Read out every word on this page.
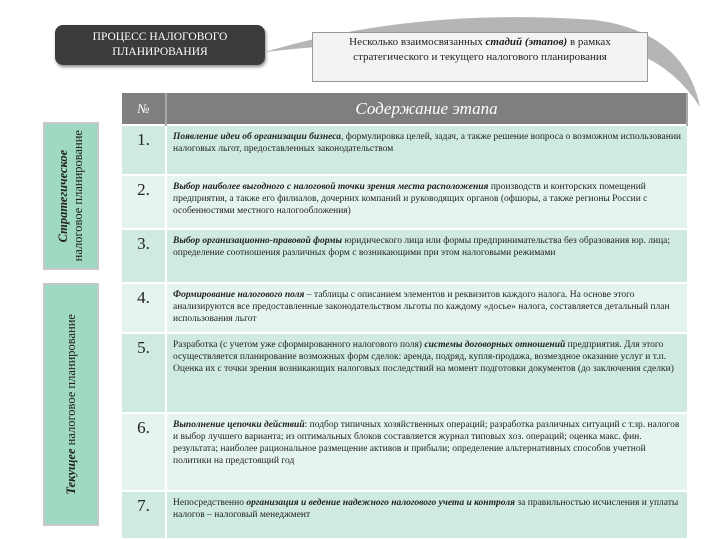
ПРОЦЕСС НАЛОГОВОГО ПЛАНИРОВАНИЯ
Несколько взаимосвязанных стадий (этапов) в рамках стратегического и текущего налогового планирования
Стратегическое
налоговое планирование
Текущее налоговое планирование
№	Содержание этапа
1.	Появление идеи об организации бизнеса, формулировка целей, задач, а также решение вопроса о возможном использовании налоговых льгот, предоставленных законодательством
2.	Выбор наиболее выгодного с налоговой точки зрения места расположения производств и конторских помещений предприятия, а также его филиалов, дочерних компаний и руководящих органов (офшоры, а также регионы России с особенностями местного налогообложения)
3.	Выбор организационно-правовой формы юридического лица или формы предпринимательства без образования юр. лица; определение соотношения различных форм с возникающими при этом налоговыми режимами
4.	Формирование налогового поля – таблицы с описанием элементов и реквизитов каждого налога. На основе этого анализируются все предоставленные законодательством льготы по каждому «досье» налога, составляется детальный план использования льгот
5.	Разработка (с учетом уже сформированного налогового поля) системы договорных отношений предприятия. Для этого осуществляется планирование возможных форм сделок: аренда, подряд, купля-продажа, возмездное оказание услуг и т.п. Оценка их с точки зрения возникающих налоговых последствий на момент подготовки документов (до заключения сделки)
6.	Выполнение цепочки действий: подбор типичных хозяйственных операций; разработка различных ситуаций с т.зр. налогов и выбор лучшего варианта; из оптимальных блоков составляется журнал типовых хоз. операций; оценка макс. фин. результата; наиболее рациональное размещение активов и прибыли; определение альтернативных способов учетной политики на предстоящий год
7.	Непосредственно организация и ведение надежного налогового учета и контроля за правильностью исчисления и уплаты налогов – налоговый менеджмент
